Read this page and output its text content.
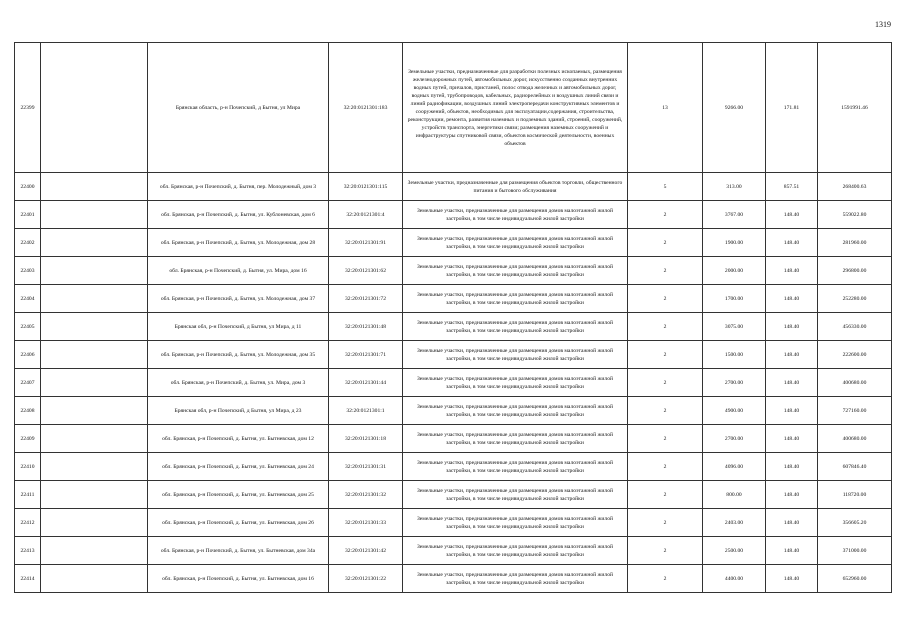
1319
22399		Брянская область, р-н Почепский, д Бытня, ул Мира	32:20:0121301:183	Земельные участки, предназначенные для разработки полезных ископаемых, размещения железнодорожных путей, автомобильных дорог, искусственно созданных внутренних водных путей, причалов, пристаней, полос отвода железных и автомобильных дорог, водных путей, трубопроводов, кабельных, радиорелейных и воздушных линий связи и линий радиофикации, воздушных линий электропередачи конструктивных элементов и сооружений, объектов, необходимых для эксплуатации,содержания, строительства, реконструкции, ремонта, развития наземных и подземных зданий, строений, сооружений, устройств транспорта, энергетики связи; размещения наземных сооружений и инфраструктуры спутниковой связи, объектов космической деятельности, военных объектов	13	9266.00	171.81	1591991.46
22400		обл. Брянская, р-н Почепский, д. Бытня, пер. Молодежный, дом 3	32:20:0121301:115	Земельные участки, предназначенные для размещения объектов торговли, общественного питания и бытового обслуживания	5	313.00	857.51	268400.63
22401		обл. Брянская, р-н Почепский, д. Бытня, ул. Кублоневская, дом 6	32:20:0121301:4	Земельные участки, предназначенные для размещения домов малоэтажной жилой застройки, в том числе индивидуальной жилой застройки	2	3767.00	148.40	559022.80
22402		обл. Брянская, р-н Почепский, д. Бытня, ул. Молодежная, дом 28	32:20:0121301:91	Земельные участки, предназначенные для размещения домов малоэтажной жилой застройки, в том числе индивидуальной жилой застройки	2	1900.00	148.40	281960.00
22403		обл. Брянская, р-н Почепский, д. Бытня, ул. Мира, дом 16	32:20:0121301:62	Земельные участки, предназначенные для размещения домов малоэтажной жилой застройки, в том числе индивидуальной жилой застройки	2	2000.00	148.40	296800.00
22404		обл. Брянская, р-н Почепский, д. Бытня, ул. Молодежная, дом 37	32:20:0121301:72	Земельные участки, предназначенные для размещения домов малоэтажной жилой застройки, в том числе индивидуальной жилой застройки	2	1700.00	148.40	252280.00
22405		Брянская обл, р-н Почепский, д Бытня, ул Мира, д 11	32:20:0121301:48	Земельные участки, предназначенные для размещения домов малоэтажной жилой застройки, в том числе индивидуальной жилой застройки	2	3075.00	148.40	456330.00
22406		обл. Брянская, р-н Почепский, д. Бытня, ул. Молодежная, дом 35	32:20:0121301:71	Земельные участки, предназначенные для размещения домов малоэтажной жилой застройки, в том числе индивидуальной жилой застройки	2	1500.00	148.40	222600.00
22407		обл. Брянская, р-н Почепский, д. Бытня, ул. Мира, дом 3	32:20:0121301:44	Земельные участки, предназначенные для размещения домов малоэтажной жилой застройки, в том числе индивидуальной жилой застройки	2	2700.00	148.40	400680.00
22408		Брянская обл, р-н Почепский, д Бытня, ул Мира, д 23	32:20:0121301:1	Земельные участки, предназначенные для размещения домов малоэтажной жилой застройки, в том числе индивидуальной жилой застройки	2	4900.00	148.40	727160.00
22409		обл. Брянская, р-н Почепский, д. Бытня, ул. Бытневская, дом 12	32:20:0121301:18	Земельные участки, предназначенные для размещения домов малоэтажной жилой застройки, в том числе индивидуальной жилой застройки	2	2700.00	148.40	400680.00
22410		обл. Брянская, р-н Почепский, д. Бытня, ул. Бытневская, дом 24	32:20:0121301:31	Земельные участки, предназначенные для размещения домов малоэтажной жилой застройки, в том числе индивидуальной жилой застройки	2	4096.00	148.40	607846.40
22411		обл. Брянская, р-н Почепский, д. Бытня, ул. Бытневская, дом 25	32:20:0121301:32	Земельные участки, предназначенные для размещения домов малоэтажной жилой застройки, в том числе индивидуальной жилой застройки	2	800.00	148.40	118720.00
22412		обл. Брянская, р-н Почепский, д. Бытня, ул. Бытневская, дом 26	32:20:0121301:33	Земельные участки, предназначенные для размещения домов малоэтажной жилой застройки, в том числе индивидуальной жилой застройки	2	2403.00	148.40	356605.20
22413		обл. Брянская, р-н Почепский, д. Бытня, ул. Бытневская, дом 34а	32:20:0121301:42	Земельные участки, предназначенные для размещения домов малоэтажной жилой застройки, в том числе индивидуальной жилой застройки	2	2500.00	148.40	371000.00
22414		обл. Брянская, р-н Почепский, д. Бытня, ул. Бытневская, дом 16	32:20:0121301:22	Земельные участки, предназначенные для размещения домов малоэтажной жилой застройки, в том числе индивидуальной жилой застройки	2	4400.00	148.40	652960.00
